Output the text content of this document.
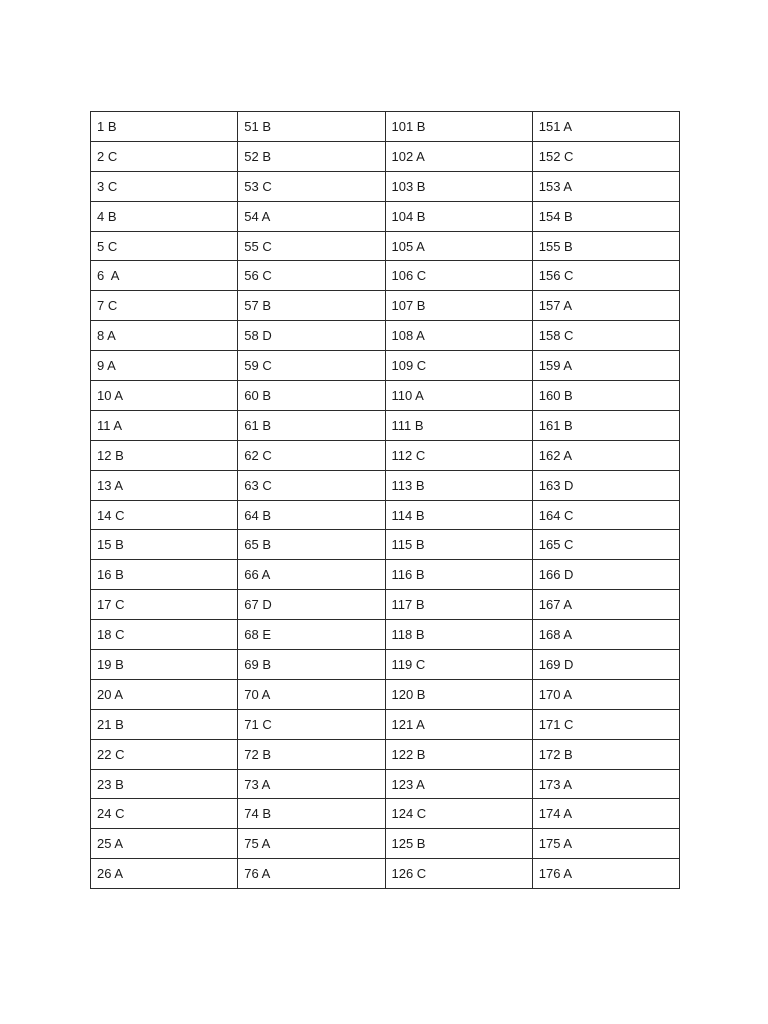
1 B	51 B	101 B	151 A
2 C	52 B	102 A	152 C
3 C	53 C	103 B	153 A
4 B	54 A	104 B	154 B
5 C	55 C	105 A	155 B
6  A	56 C	106 C	156 C
7 C	57 B	107 B	157 A
8 A	58 D	108 A	158 C
9 A	59 C	109 C	159 A
10 A	60 B	110 A	160 B
11 A	61 B	111 B	161 B
12 B	62 C	112 C	162 A
13 A	63 C	113 B	163 D
14 C	64 B	114 B	164 C
15 B	65 B	115 B	165 C
16 B	66 A	116 B	166 D
17 C	67 D	117 B	167 A
18 C	68 E	118 B	168 A
19 B	69 B	119 C	169 D
20 A	70 A	120 B	170 A
21 B	71 C	121 A	171 C
22 C	72 B	122 B	172 B
23 B	73 A	123 A	173 A
24 C	74 B	124 C	174 A
25 A	75 A	125 B	175 A
26 A	76 A	126 C	176 A
